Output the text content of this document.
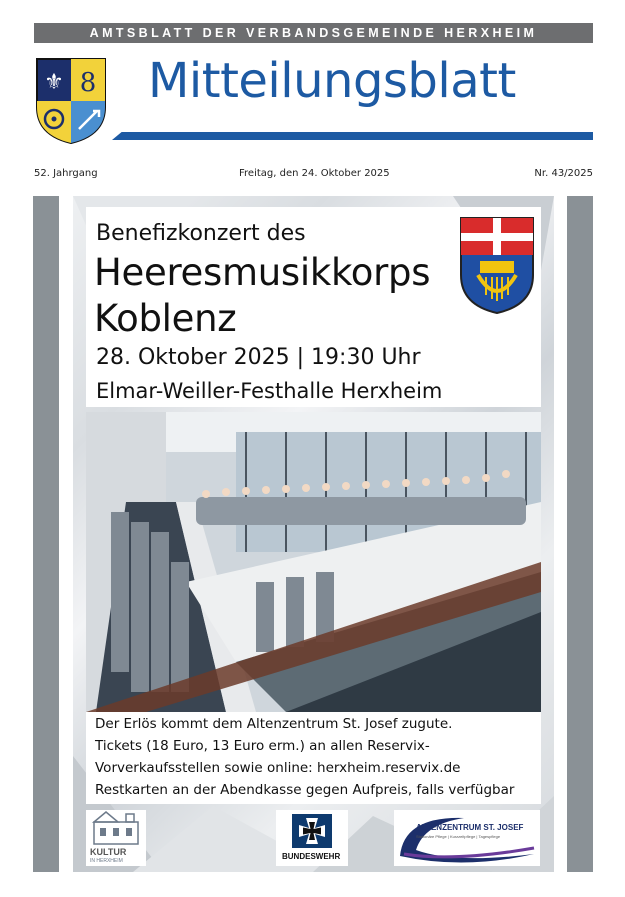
AMTSBLATT DER VERBANDSGEMEINDE HERXHEIM
⚜ 8 Mitteilungsblatt
52. Jahrgang	Freitag, den 24. Oktober 2025	Nr. 43/2025
Benefizkonzert des
Heeresmusikkorps
Koblenz
28. Oktober 2025 | 19:30 Uhr
Elmar-Weiller-Festhalle Herxheim
Der Erlös kommt dem Altenzentrum St. Josef zugute.
Tickets (18 Euro, 13 Euro erm.) an allen Reservix-
Vorverkaufsstellen sowie online: herxheim.reservix.de
Restkarten an der Abendkasse gegen Aufpreis, falls verfügbar
KULTUR
IN HERXHEIM	BUNDESWEHR
ALTENZENTRUM ST. JOSEF
Stationäre Pflege | Kurzzeitpflege | Tagespflege
